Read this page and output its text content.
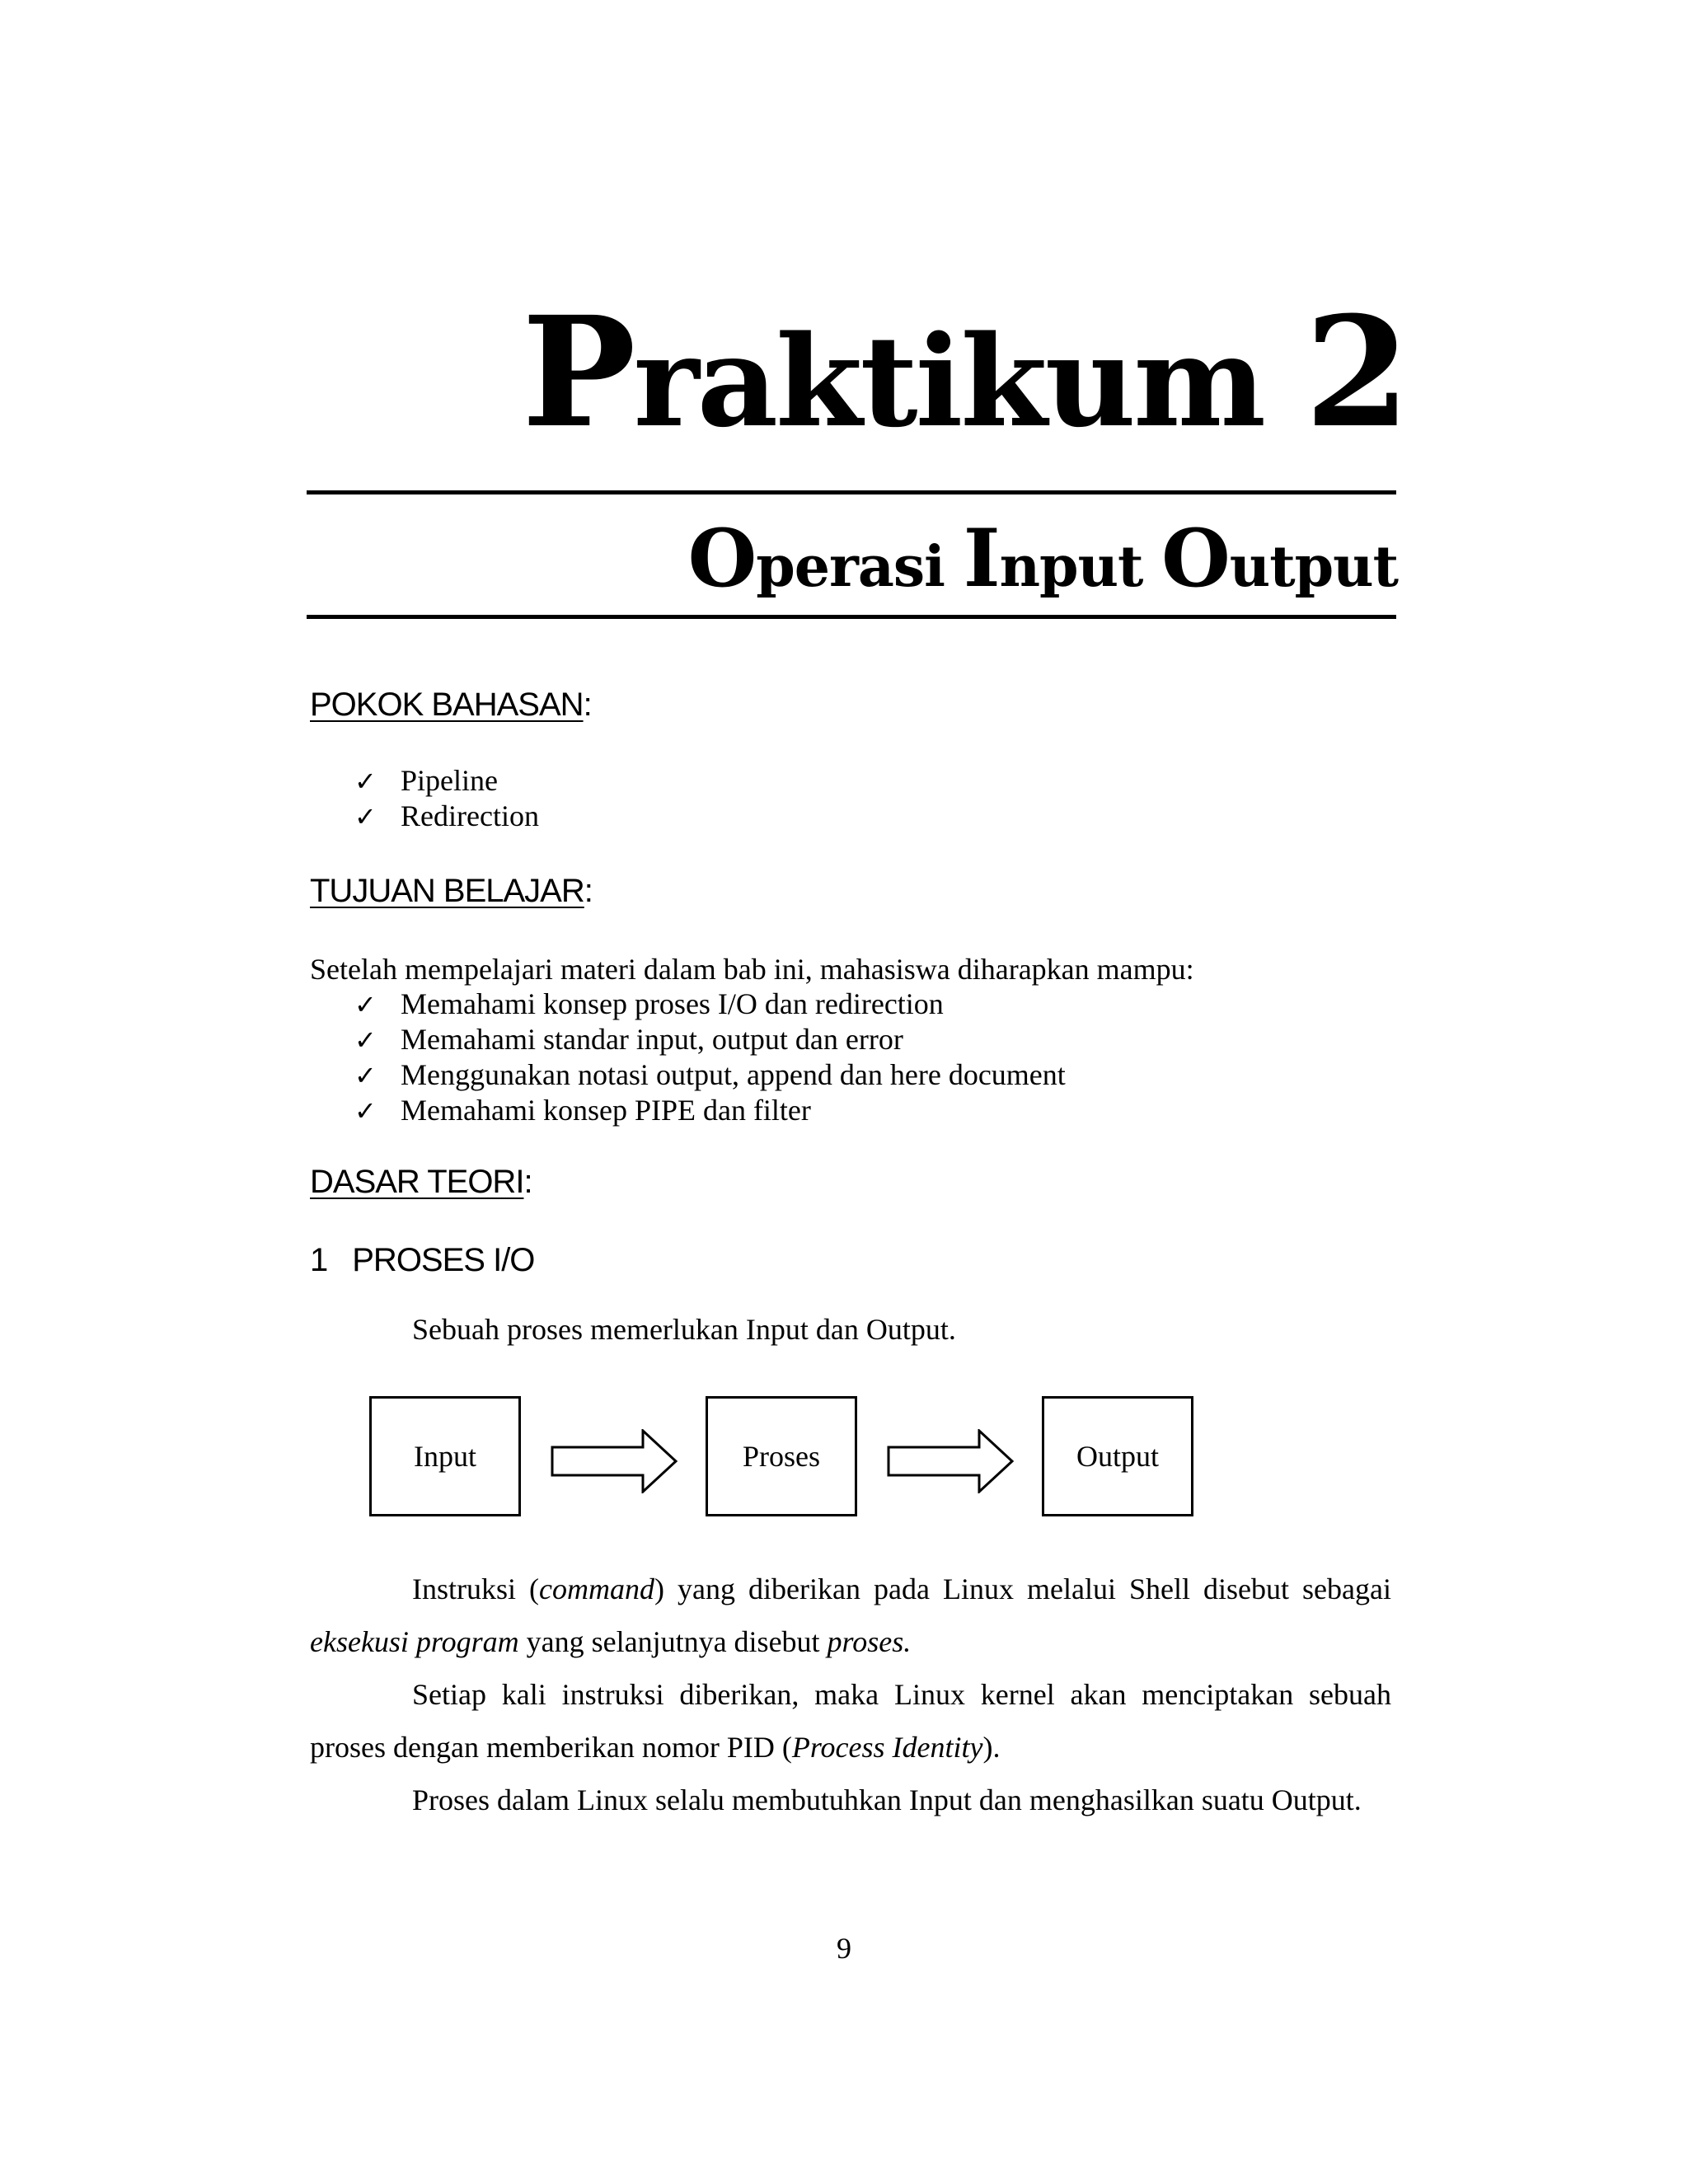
Praktikum 2
Operasi Input Output
POKOK BAHASAN:
✓ Pipeline
✓ Redirection
TUJUAN BELAJAR:
Setelah mempelajari materi dalam bab ini, mahasiswa diharapkan mampu:
✓ Memahami konsep proses I/O dan redirection
✓ Memahami standar input, output dan error
✓ Menggunakan notasi output, append dan here document
✓ Memahami konsep PIPE dan filter
DASAR TEORI:
1 PROSES I/O
Sebuah proses memerlukan Input dan Output.
Input	Proses	Output

Instruksi (command) yang diberikan pada Linux melalui Shell disebut sebagai eksekusi program yang selanjutnya disebut proses.

Setiap kali instruksi diberikan, maka Linux kernel akan menciptakan sebuah proses dengan memberikan nomor PID (Process Identity).

Proses dalam Linux selalu membutuhkan Input dan menghasilkan suatu Output.

9
